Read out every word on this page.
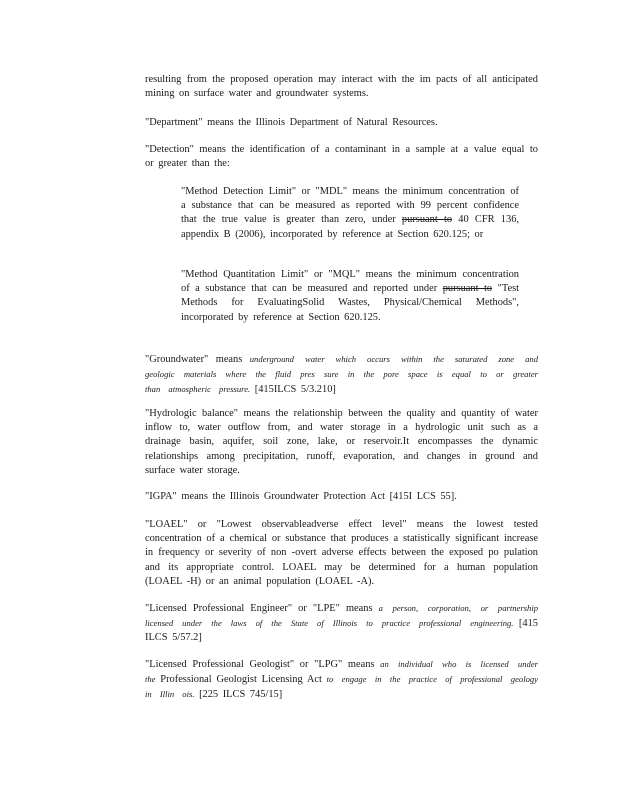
resulting from the proposed operation may interact with the im pacts of all anticipated mining on surface water and groundwater systems.

"Department" means the Illinois Department of Natural Resources.

"Detection" means the identification of a contaminant in a sample at a value equal to or greater than the:

"Method Detection Limit" or "MDL" means the minimum concentration of a substance that can be measured as reported with 99 percent confidence that the true value is greater than zero, under pursuant to 40 CFR 136, appendix B (2006), incorporated by reference at Section 620.125; or

"Method Quantitation Limit" or "MQL" means the minimum concentration of a substance that can be measured and reported under pursuant to "Test Methods for EvaluatingSolid Wastes, Physical/Chemical Methods", incorporated by reference at Section 620.125.

"Groundwater" means underground water which occurs within the saturated zone and geologic materials where the fluid pres sure in the pore space is equal to or greater than atmospheric pressure. [415ILCS 5/3.210]

"Hydrologic balance" means the relationship between the quality and quantity of water inflow to, water outflow from, and water storage in a hydrologic unit such as a drainage basin, aquifer, soil zone, lake, or reservoir.It encompasses the dynamic relationships among precipitation, runoff, evaporation, and changes in ground and surface water storage.

"IGPA" means the Illinois Groundwater Protection Act [415I LCS 55].

"LOAEL" or "Lowest observableadverse effect level" means the lowest tested concentration of a chemical or substance that produces a statistically significant increase in frequency or severity of non -overt adverse effects between the exposed po pulation and its appropriate control. LOAEL may be determined for a human population (LOAEL -H) or an animal population (LOAEL -A).

"Licensed Professional Engineer" or "LPE" means a person, corporation, or partnership licensed under the laws of the State of Illinois to practice professional engineering. [415 ILCS 5/57.2]

"Licensed Professional Geologist" or "LPG" means an individual who is licensed under the Professional Geologist Licensing Act to engage in the practice of professional geology in Illin ois. [225 ILCS 745/15]
